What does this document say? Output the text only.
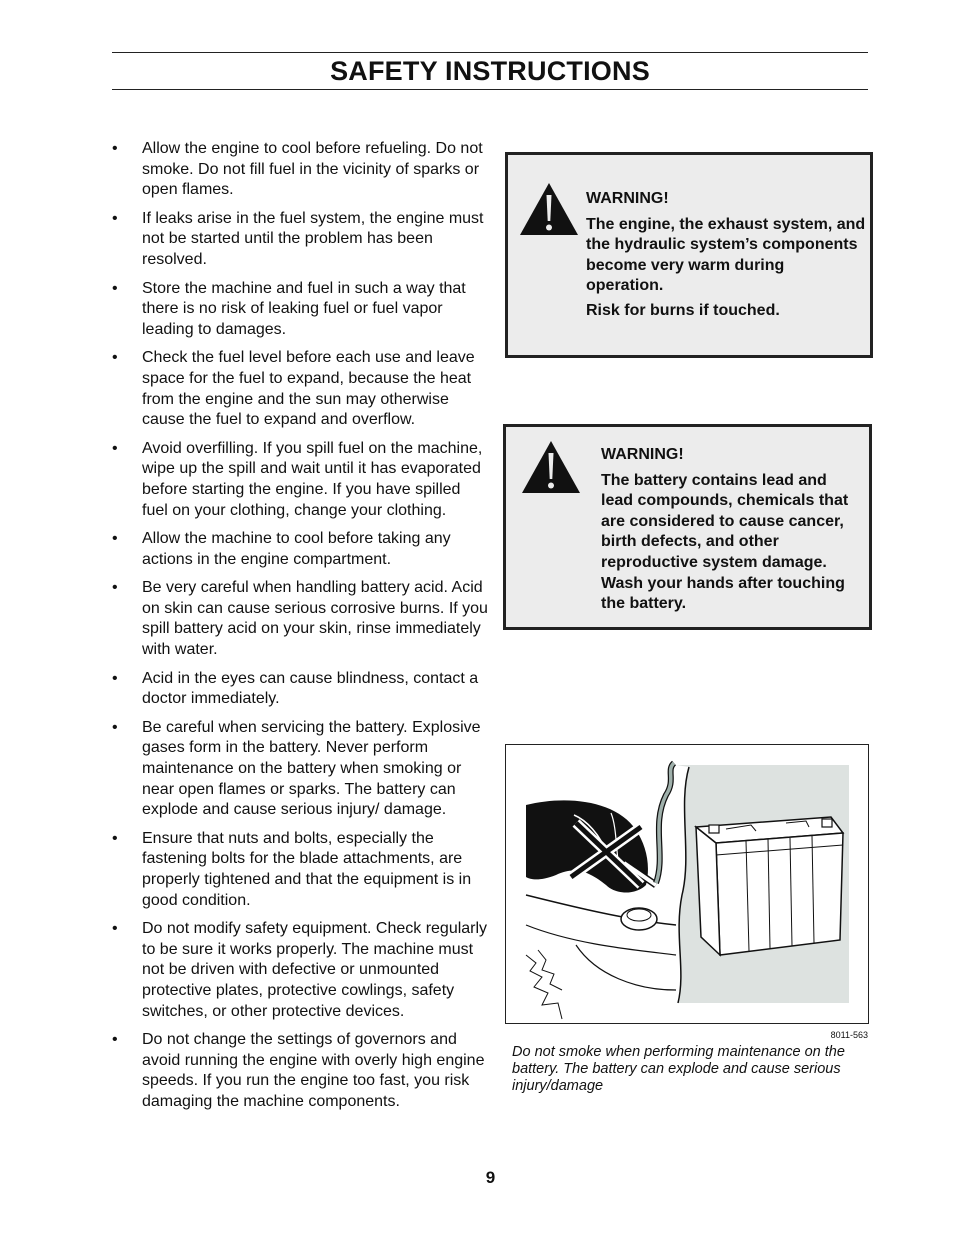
SAFETY INSTRUCTIONS
• Allow the engine to cool before refueling. Do not smoke. Do not fill fuel in the vicinity of sparks or open flames.
• If leaks arise in the fuel system, the engine must not be started until the problem has been resolved.
• Store the machine and fuel in such a way that there is no risk of leaking fuel or fuel vapor leading to damages.
• Check the fuel level before each use and leave space for the fuel to expand, because the heat from the engine and the sun may otherwise cause the fuel to expand and overflow.
• Avoid overfilling. If you spill fuel on the machine, wipe up the spill and wait until it has evaporated before starting the engine. If you have spilled fuel on your clothing, change your clothing.
• Allow the machine to cool before taking any actions in the engine compartment.
• Be very careful when handling battery acid. Acid on skin can cause serious corrosive burns. If you spill battery acid on your skin, rinse immediately with water.
• Acid in the eyes can cause blindness, contact a doctor immediately.
• Be careful when servicing the battery. Explosive gases form in the battery. Never perform maintenance on the battery when smoking or near open flames or sparks. The battery can explode and cause serious injury/ damage.
• Ensure that nuts and bolts, especially the fastening bolts for the blade attachments, are properly tightened and that the equipment is in good condition.
• Do not modify safety equipment. Check regularly to be sure it works properly. The machine must not be driven with defective or unmounted protective plates, protective cowlings, safety switches, or other protective devices.
• Do not change the settings of governors and avoid running the engine with overly high engine speeds. If you run the engine too fast, you risk damaging the machine components.

WARNING!

The engine, the exhaust system, and the hydraulic system’s components become very warm during operation.

Risk for burns if touched.

WARNING!

The battery contains lead and lead compounds, chemicals that are considered to cause cancer, birth defects, and other reproductive system damage. Wash your hands after touching the battery.

8011-563
Do not smoke when performing maintenance on the battery. The battery can explode and cause serious injury/damage
9
